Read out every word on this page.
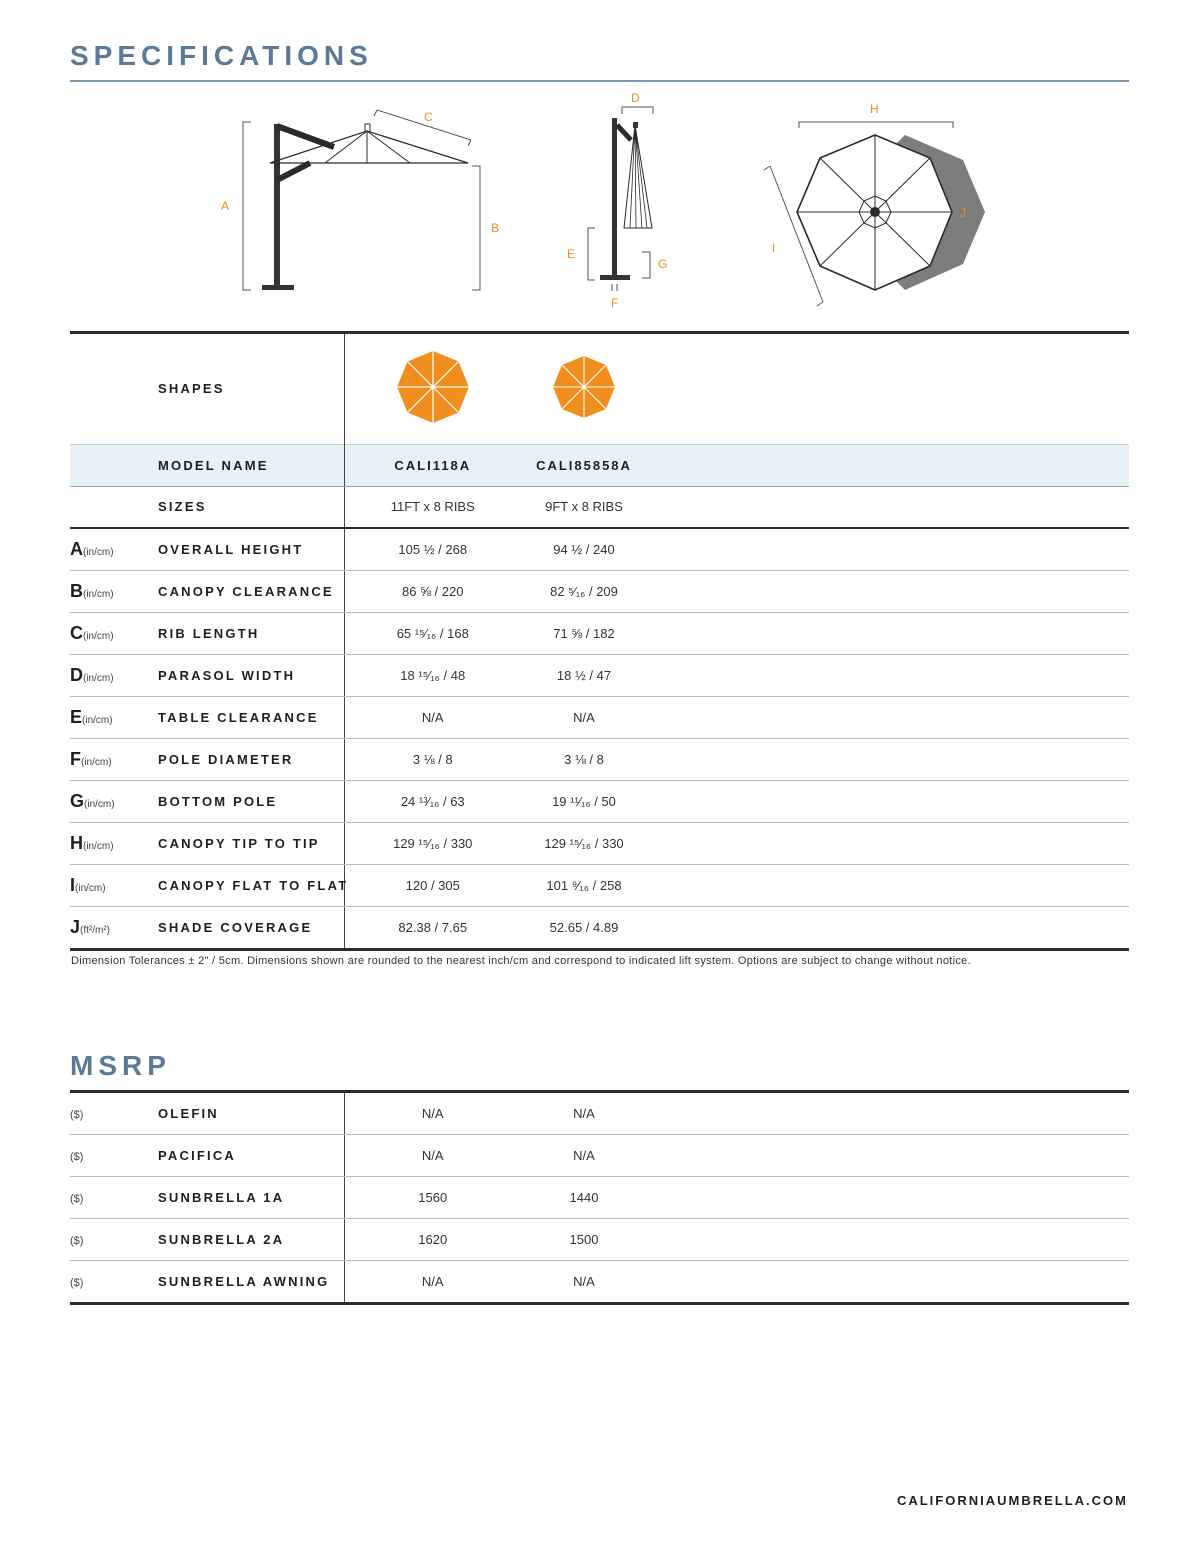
SPECIFICATIONS
A
B
C
D
E
F
G
H
I
J
	SHAPES			
	MODEL NAME	CALI118A	CALI85858A	
	SIZES	11FT x 8 RIBS	9FT x 8 RIBS	
A(in/cm)	OVERALL HEIGHT	105 ½ / 268	94 ½ / 240	
B(in/cm)	CANOPY CLEARANCE	86 ⅝ / 220	82 ⁵⁄₁₆ / 209	
C(in/cm)	RIB LENGTH	65 ¹⁵⁄₁₆ / 168	71 ⅝ / 182	
D(in/cm)	PARASOL WIDTH	18 ¹⁵⁄₁₆ / 48	18 ½ / 47	
E(in/cm)	TABLE CLEARANCE	N/A	N/A	
F(in/cm)	POLE DIAMETER	3 ⅛ / 8	3 ⅛ / 8	
G(in/cm)	BOTTOM POLE	24 ¹³⁄₁₆ / 63	19 ¹¹⁄₁₆ / 50	
H(in/cm)	CANOPY TIP TO TIP	129 ¹⁵⁄₁₆ / 330	129 ¹⁵⁄₁₆ / 330	
I(in/cm)	CANOPY FLAT TO FLAT	120 / 305	101 ⁹⁄₁₆ / 258	
J(ft²/m²)	SHADE COVERAGE	82.38 / 7.65	52.65 / 4.89	
Dimension Tolerances ± 2" / 5cm. Dimensions shown are rounded to the nearest inch/cm and correspond to indicated lift system. Options are subject to change without notice.
MSRP
($)	OLEFIN	N/A	N/A	
($)	PACIFICA	N/A	N/A	
($)	SUNBRELLA 1A	1560	1440	
($)	SUNBRELLA 2A	1620	1500	
($)	SUNBRELLA AWNING	N/A	N/A	
CALIFORNIAUMBRELLA.COM
